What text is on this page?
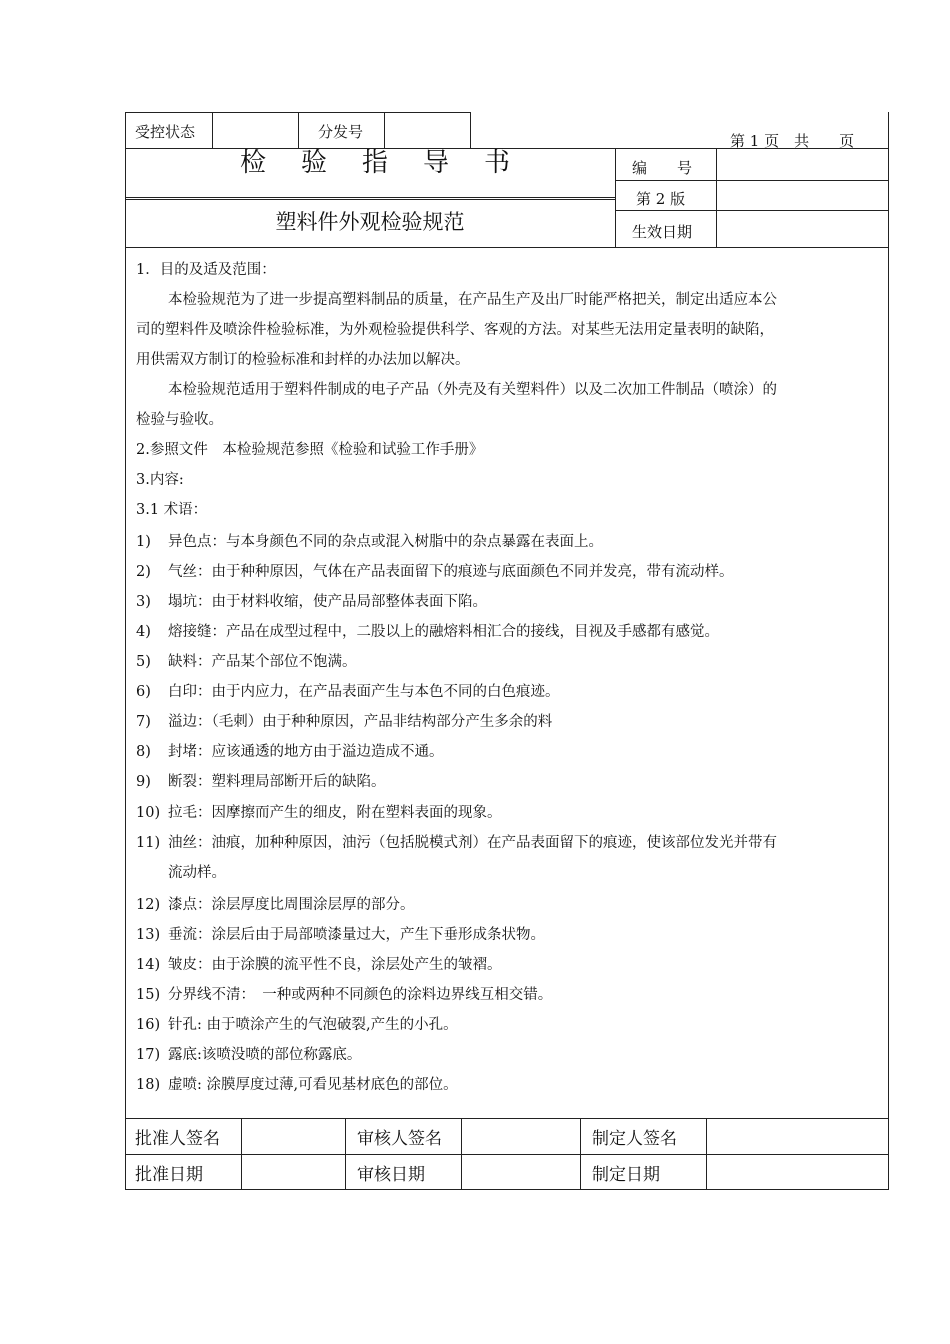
受控状态	分发号	第 1 页　共　　页
检 验 指 导 书
塑料件外观检验规范
编　　号
第 2 版
生效日期
1．目的及适及范围：
本检验规范为了进一步提高塑料制品的质量，在产品生产及出厂时能严格把关，制定出适应本公
司的塑料件及喷涂件检验标准，为外观检验提供科学、客观的方法。对某些无法用定量表明的缺陷，
用供需双方制订的检验标准和封样的办法加以解决。
本检验规范适用于塑料件制成的电子产品（外壳及有关塑料件）以及二次加工件制品（喷涂）的
检验与验收。
2.参照文件　本检验规范参照《检验和试验工作手册》
3.内容:
3.1 术语：
1)	异色点：与本身颜色不同的杂点或混入树脂中的杂点暴露在表面上。
2)	气丝：由于种种原因，气体在产品表面留下的痕迹与底面颜色不同并发亮，带有流动样。
3)	塌坑：由于材料收缩，使产品局部整体表面下陷。
4)	熔接缝：产品在成型过程中，二股以上的融熔料相汇合的接线，目视及手感都有感觉。
5)	缺料：产品某个部位不饱满。
6)	白印：由于内应力，在产品表面产生与本色不同的白色痕迹。
7)	溢边：（毛刺）由于种种原因，产品非结构部分产生多余的料
8)	封堵：应该通透的地方由于溢边造成不通。
9)	断裂：塑料理局部断开后的缺陷。
10) 拉毛：因摩擦而产生的细皮，附在塑料表面的现象。
11) 油丝：油痕，加种种原因，油污（包括脱模式剂）在产品表面留下的痕迹，使该部位发光并带有
流动样。
12) 漆点：涂层厚度比周围涂层厚的部分。
13) 垂流：涂层后由于局部喷漆量过大，产生下垂形成条状物。
14) 皱皮：由于涂膜的流平性不良，涂层处产生的皱褶。
15) 分界线不清：　一种或两种不同颜色的涂料边界线互相交错。
16) 针孔: 由于喷涂产生的气泡破裂,产生的小孔。
17) 露底:该喷没喷的部位称露底。
18) 虚喷: 涂膜厚度过薄,可看见基材底色的部位。
批准人签名	审核人签名	制定人签名
批准日期	审核日期	制定日期
